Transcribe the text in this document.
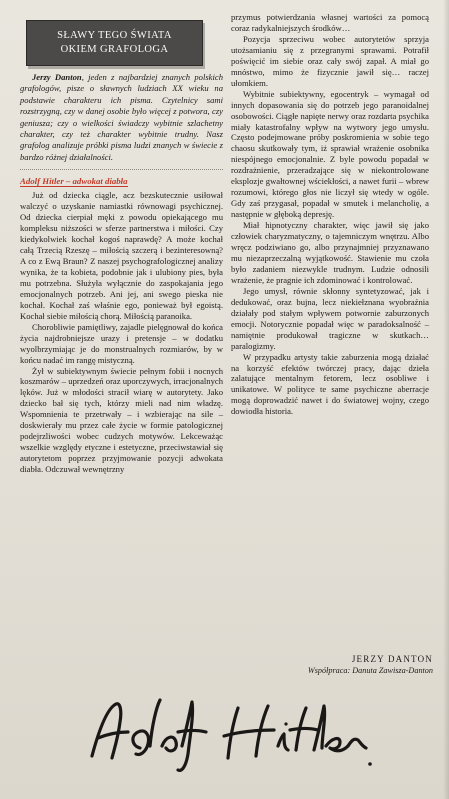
SŁAWY TEGO ŚWIATA
OKIEM GRAFOLOGA

Jerzy Danton, jeden z najbardziej znanych polskich grafologów, pisze o sławnych ludziach XX wieku na podstawie charakteru ich pisma. Czytelnicy sami rozstrzygną, czy w danej osobie było więcej z potwora, czy geniusza; czy o wielkości świadczy wybitnie szlachetny charakter, czy też charakter wybitnie trudny. Nasz grafolog analizuje próbki pisma ludzi znanych w świecie z bardzo różnej działalności.

Adolf Hitler – adwokat diabła

Już od dziecka ciągle, acz bezskutecznie usiłował walczyć o uzyskanie namiastki równowagi psychicznej. Od dziecka cierpiał męki z powodu opiekającego mu kompleksu niższości w sferze partnerstwa i miłości. Czy kiedykolwiek kochał kogoś naprawdę? A może kochał całą Trzecią Rzeszę – miłością szczerą i bezinteresowną? A co z Ewą Braun? Z naszej psychografologicznej analizy wynika, że ta kobieta, podobnie jak i ulubiony pies, była mu potrzebna. Służyła wyłącznie do zaspokajania jego emocjonalnych potrzeb. Ani jej, ani swego pieska nie kochał. Kochał zaś właśnie ego, ponieważ był egoistą. Kochał siebie miłością chorą. Miłością paranoika.

Chorobliwie pamiętliwy, zajadle pielęgnował do końca życia najdrobniejsze urazy i pretensje – w dodatku wyolbrzymiając je do monstrualnych rozmiarów, by w końcu nadać im rangę mistyczną.

Żył w subiektywnym świecie pełnym fobii i nocnych koszmarów – uprzedzeń oraz uporczywych, irracjonalnych lęków. Już w młodości stracił wiarę w autorytety. Jako dziecko bał się tych, którzy mieli nad nim władzę. Wspomnienia te przetrwały – i wzbierając na sile – doskwierały mu przez całe życie w formie patologicznej podejrzliwości wobec cudzych motywów. Lekceważąc wszelkie względy etyczne i estetyczne, przeciwstawiał się autorytetom poprzez przyjmowanie pozycji adwokata diabła. Odczuwał wewnętrzny

przymus potwierdzania własnej wartości za pomocą coraz radykalniejszych środków…

Pozycja sprzeciwu wobec autorytetów sprzyja utożsamianiu się z przegranymi sprawami. Potrafił poświęcić im siebie oraz cały swój zapał. A miał go mnóstwo, mimo że fizycznie jawił się… raczej ułomkiem.

Wybitnie subiektywny, egocentryk – wymagał od innych dopasowania się do potrzeb jego paranoidalnej osobowości. Ciągłe napięte nerwy oraz rozdarta psychika miały katastrofalny wpływ na wytwory jego umysłu. Często podejmowane próby poskromienia w sobie tego chaosu skutkowały tym, iż sprawiał wrażenie osobnika niespójnego emocjonalnie. Z byle powodu popadał w rozdrażnienie, przeradzające się w niekontrolowane eksplozje gwałtownej wściekłości, a nawet furii – wbrew rozumowi, którego głos nie liczył się wtedy w ogóle. Gdy zaś przygasał, popadał w smutek i melancholię, a następnie w głęboką depresję.

Miał hipnotyczny charakter, więc jawił się jako człowiek charyzmatyczny, o tajemniczym wnętrzu. Albo wręcz podziwiano go, albo przynajmniej przyznawano mu niezaprzeczalną wyjątkowość. Stawienie mu czoła było zadaniem niezwykle trudnym. Ludzie odnosili wrażenie, że pragnie ich zdominować i kontrolować.

Jego umysł, równie skłonny syntetyzować, jak i dedukować, oraz bujna, lecz niekiełznana wyobraźnia działały pod stałym wpływem potwornie zaburzonych emocji. Notorycznie popadał więc w paradoksalność – namiętnie produkował tragiczne w skutkach… paralogizmy.

W przypadku artysty takie zaburzenia mogą działać na korzyść efektów twórczej pracy, dając dzieła zalatujące mentalnym fetorem, lecz osobliwe i unikatowe. W polityce te same psychiczne aberracje mogą doprowadzić nawet i do światowej wojny, czego dowiodła historia.

JERZY DANTON
Współpraca: Danuta Zawisza-Danton
